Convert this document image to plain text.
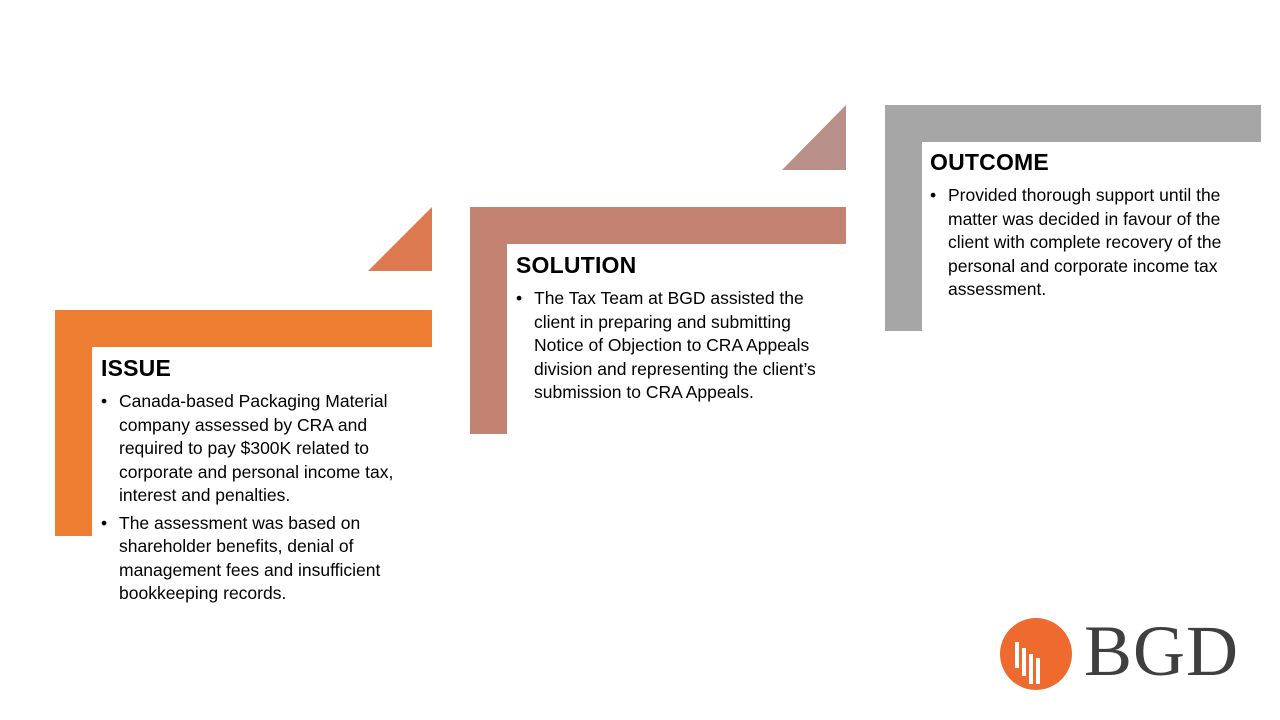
ISSUE
• Canada-based Packaging Material company assessed by CRA and required to pay $300K related to corporate and personal income tax, interest and penalties.
• The assessment was based on shareholder benefits, denial of management fees and insufficient bookkeeping records.
SOLUTION
• The Tax Team at BGD assisted the client in preparing and submitting Notice of Objection to CRA Appeals division and representing the client’s submission to CRA Appeals.
OUTCOME
• Provided thorough support until the matter was decided in favour of the client with complete recovery of the personal and corporate income tax assessment.
BGD
